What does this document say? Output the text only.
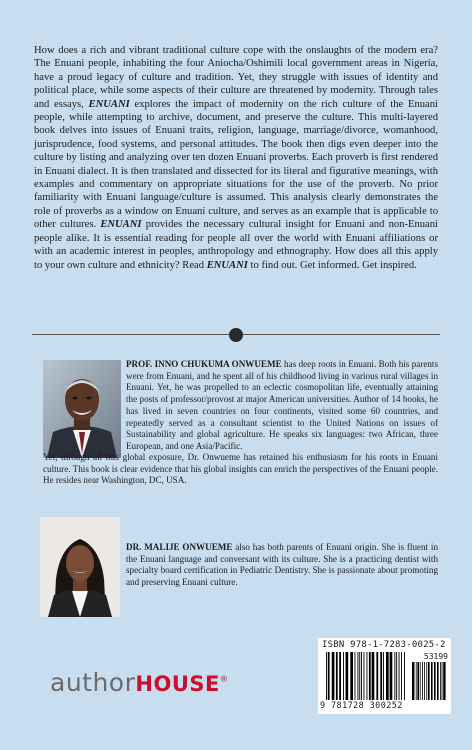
How does a rich and vibrant traditional culture cope with the onslaughts of the modern era? The Enuani people, inhabiting the four Aniocha/Oshimili local government areas in Nigeria, have a proud legacy of culture and tradition. Yet, they struggle with issues of identity and political place, while some aspects of their culture are threatened by modernity. Through tales and essays, ENUANI explores the impact of modernity on the rich culture of the Enuani people, while attempting to archive, document, and preserve the culture. This multi-layered book delves into issues of Enuani traits, religion, language, marriage/divorce, womanhood, jurisprudence, food systems, and personal attitudes. The book then digs even deeper into the culture by listing and analyzing over ten dozen Enuani proverbs. Each proverb is first rendered in Enuani dialect. It is then translated and dissected for its literal and figurative meanings, with examples and commentary on appropriate situations for the use of the proverb. No prior familiarity with Enuani language/culture is assumed. This analysis clearly demonstrates the role of proverbs as a window on Enuani culture, and serves as an example that is applicable to other cultures. ENUANI provides the necessary cultural insight for Enuani and non-Enuani people alike. It is essential reading for people all over the world with Enuani affiliations or with an academic interest in peoples, anthropology and ethnography. How does all this apply to your own culture and ethnicity? Read ENUANI to find out. Get informed. Get inspired.
PROF. INNO CHUKUMA ONWUEME has deep roots in Enuani. Both his parents were from Enuani, and he spent all of his childhood living in various rural villages in Enuani. Yet, he was propelled to an eclectic cosmopolitan life, eventually attaining the posts of professor/provost at major American universities. Author of 14 books, he has lived in seven countries on four continents, visited some 60 countries, and repeatedly served as a consultant scientist to the United Nations on issues of Sustainability and global agriculture. He speaks six languages: two African, three European, and one Asia/Pacific.
Yet, through all this global exposure, Dr. Onwueme has retained his enthusiasm for his roots in Enuani culture. This book is clear evidence that his global insights can enrich the perspectives of the Enuani people. He resides near Washington, DC, USA.
DR. MALIJE ONWUEME also has both parents of Enuani origin. She is fluent in the Enuani language and conversant with its culture. She is a practicing dentist with specialty board certification in Pediatric Dentistry. She is passionate about promoting and preserving Enuani culture.
authorHOUSE®
ISBN 978-1-7283-0025-2
53199
9 781728 300252
